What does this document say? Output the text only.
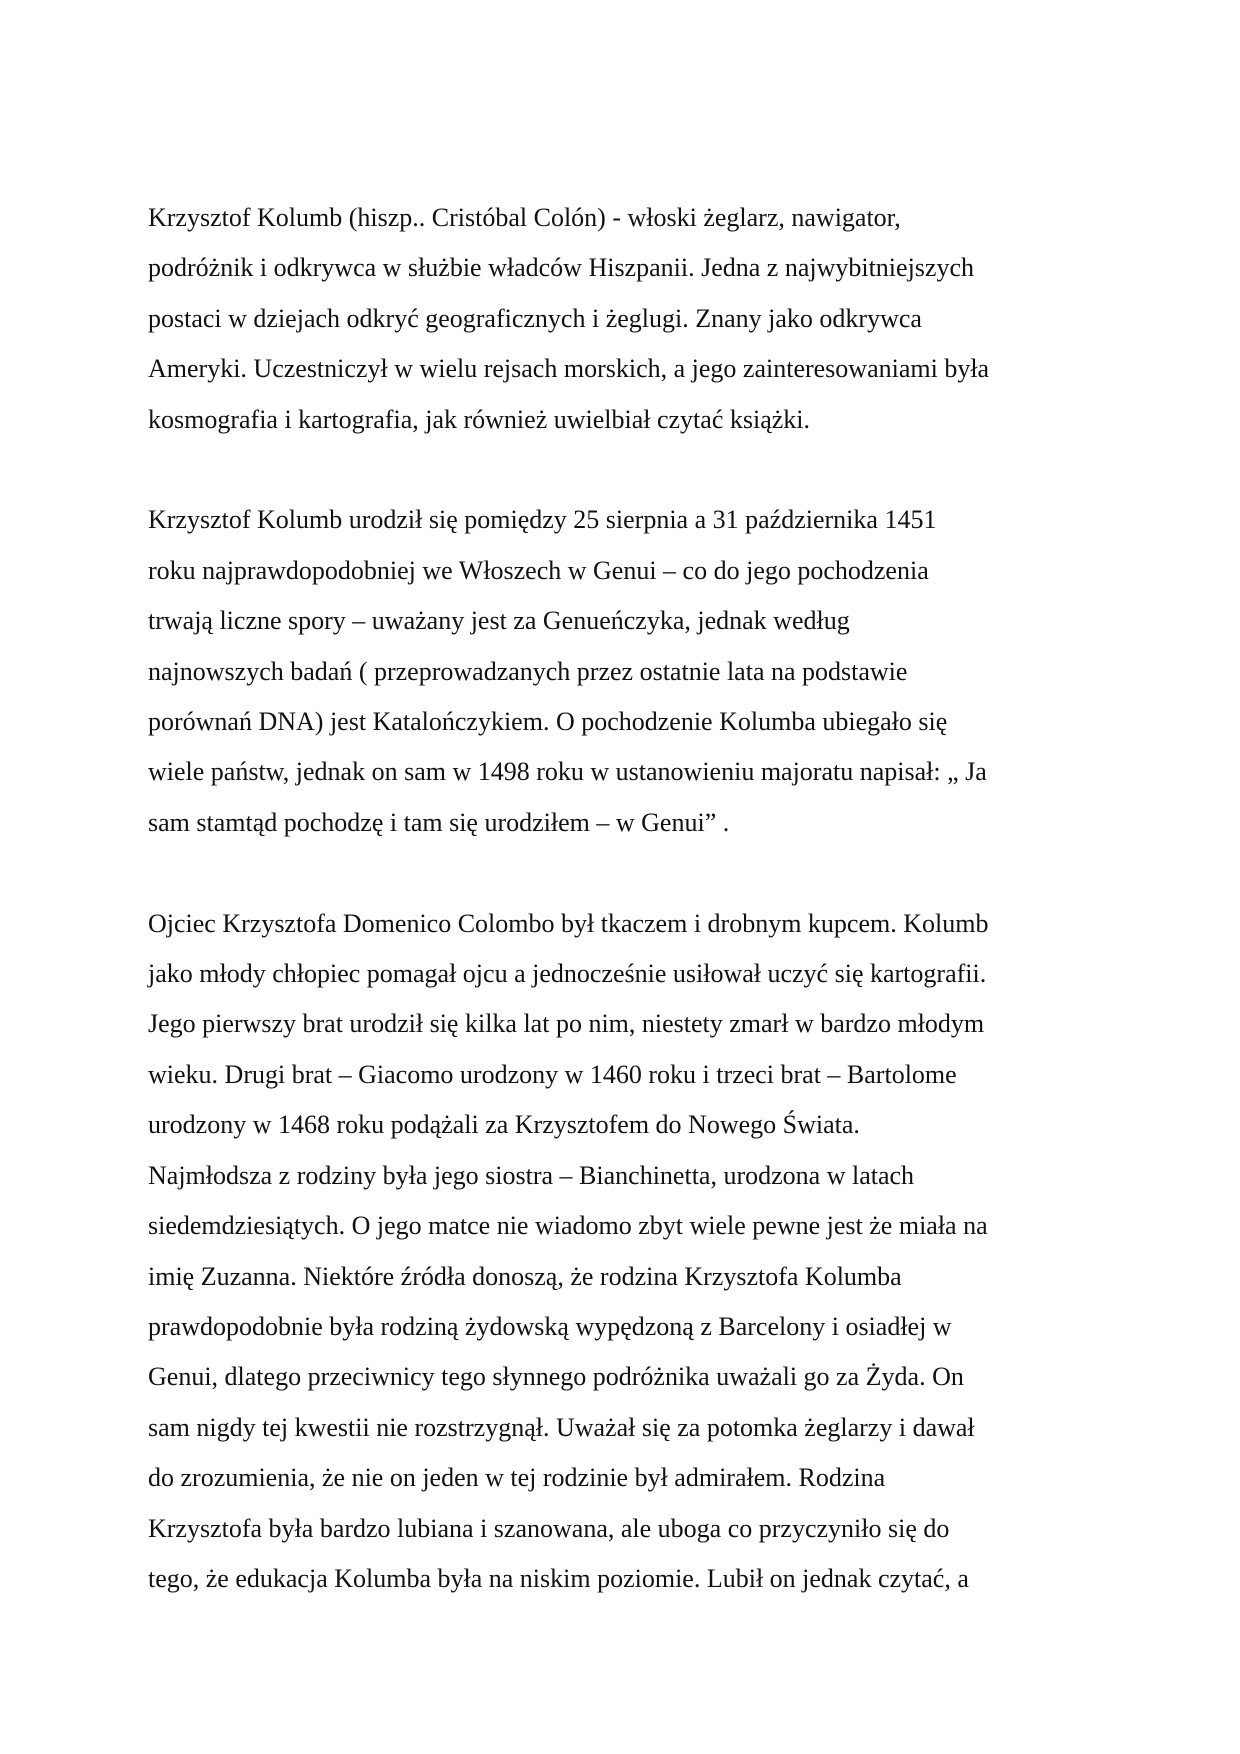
Krzysztof Kolumb (hiszp.. Cristóbal Colón) - włoski żeglarz, nawigator,
podróżnik i odkrywca w służbie władców Hiszpanii. Jedna z najwybitniejszych
postaci w dziejach odkryć geograficznych i żeglugi. Znany jako odkrywca
Ameryki. Uczestniczył w wielu rejsach morskich, a jego zainteresowaniami była
kosmografia i kartografia, jak również uwielbiał czytać książki.

Krzysztof Kolumb urodził się pomiędzy 25 sierpnia a 31 października 1451
roku najprawdopodobniej we Włoszech w Genui – co do jego pochodzenia
trwają liczne spory – uważany jest za Genueńczyka, jednak według
najnowszych badań ( przeprowadzanych przez ostatnie lata na podstawie
porównań DNA) jest Katalończykiem. O pochodzenie Kolumba ubiegało się
wiele państw, jednak on sam w 1498 roku w ustanowieniu majoratu napisał: „ Ja
sam stamtąd pochodzę i tam się urodziłem – w Genui” .

Ojciec Krzysztofa Domenico Colombo był tkaczem i drobnym kupcem. Kolumb
jako młody chłopiec pomagał ojcu a jednocześnie usiłował uczyć się kartografii.
Jego pierwszy brat urodził się kilka lat po nim, niestety zmarł w bardzo młodym
wieku. Drugi brat – Giacomo urodzony w 1460 roku i trzeci brat – Bartolome
urodzony w 1468 roku podążali za Krzysztofem do Nowego Świata.
Najmłodsza z rodziny była jego siostra – Bianchinetta, urodzona w latach
siedemdziesiątych. O jego matce nie wiadomo zbyt wiele pewne jest że miała na
imię Zuzanna. Niektóre źródła donoszą, że rodzina Krzysztofa Kolumba
prawdopodobnie była rodziną żydowską wypędzoną z Barcelony i osiadłej w
Genui, dlatego przeciwnicy tego słynnego podróżnika uważali go za Żyda. On
sam nigdy tej kwestii nie rozstrzygnął. Uważał się za potomka żeglarzy i dawał
do zrozumienia, że nie on jeden w tej rodzinie był admirałem. Rodzina
Krzysztofa była bardzo lubiana i szanowana, ale uboga co przyczyniło się do
tego, że edukacja Kolumba była na niskim poziomie. Lubił on jednak czytać, a
